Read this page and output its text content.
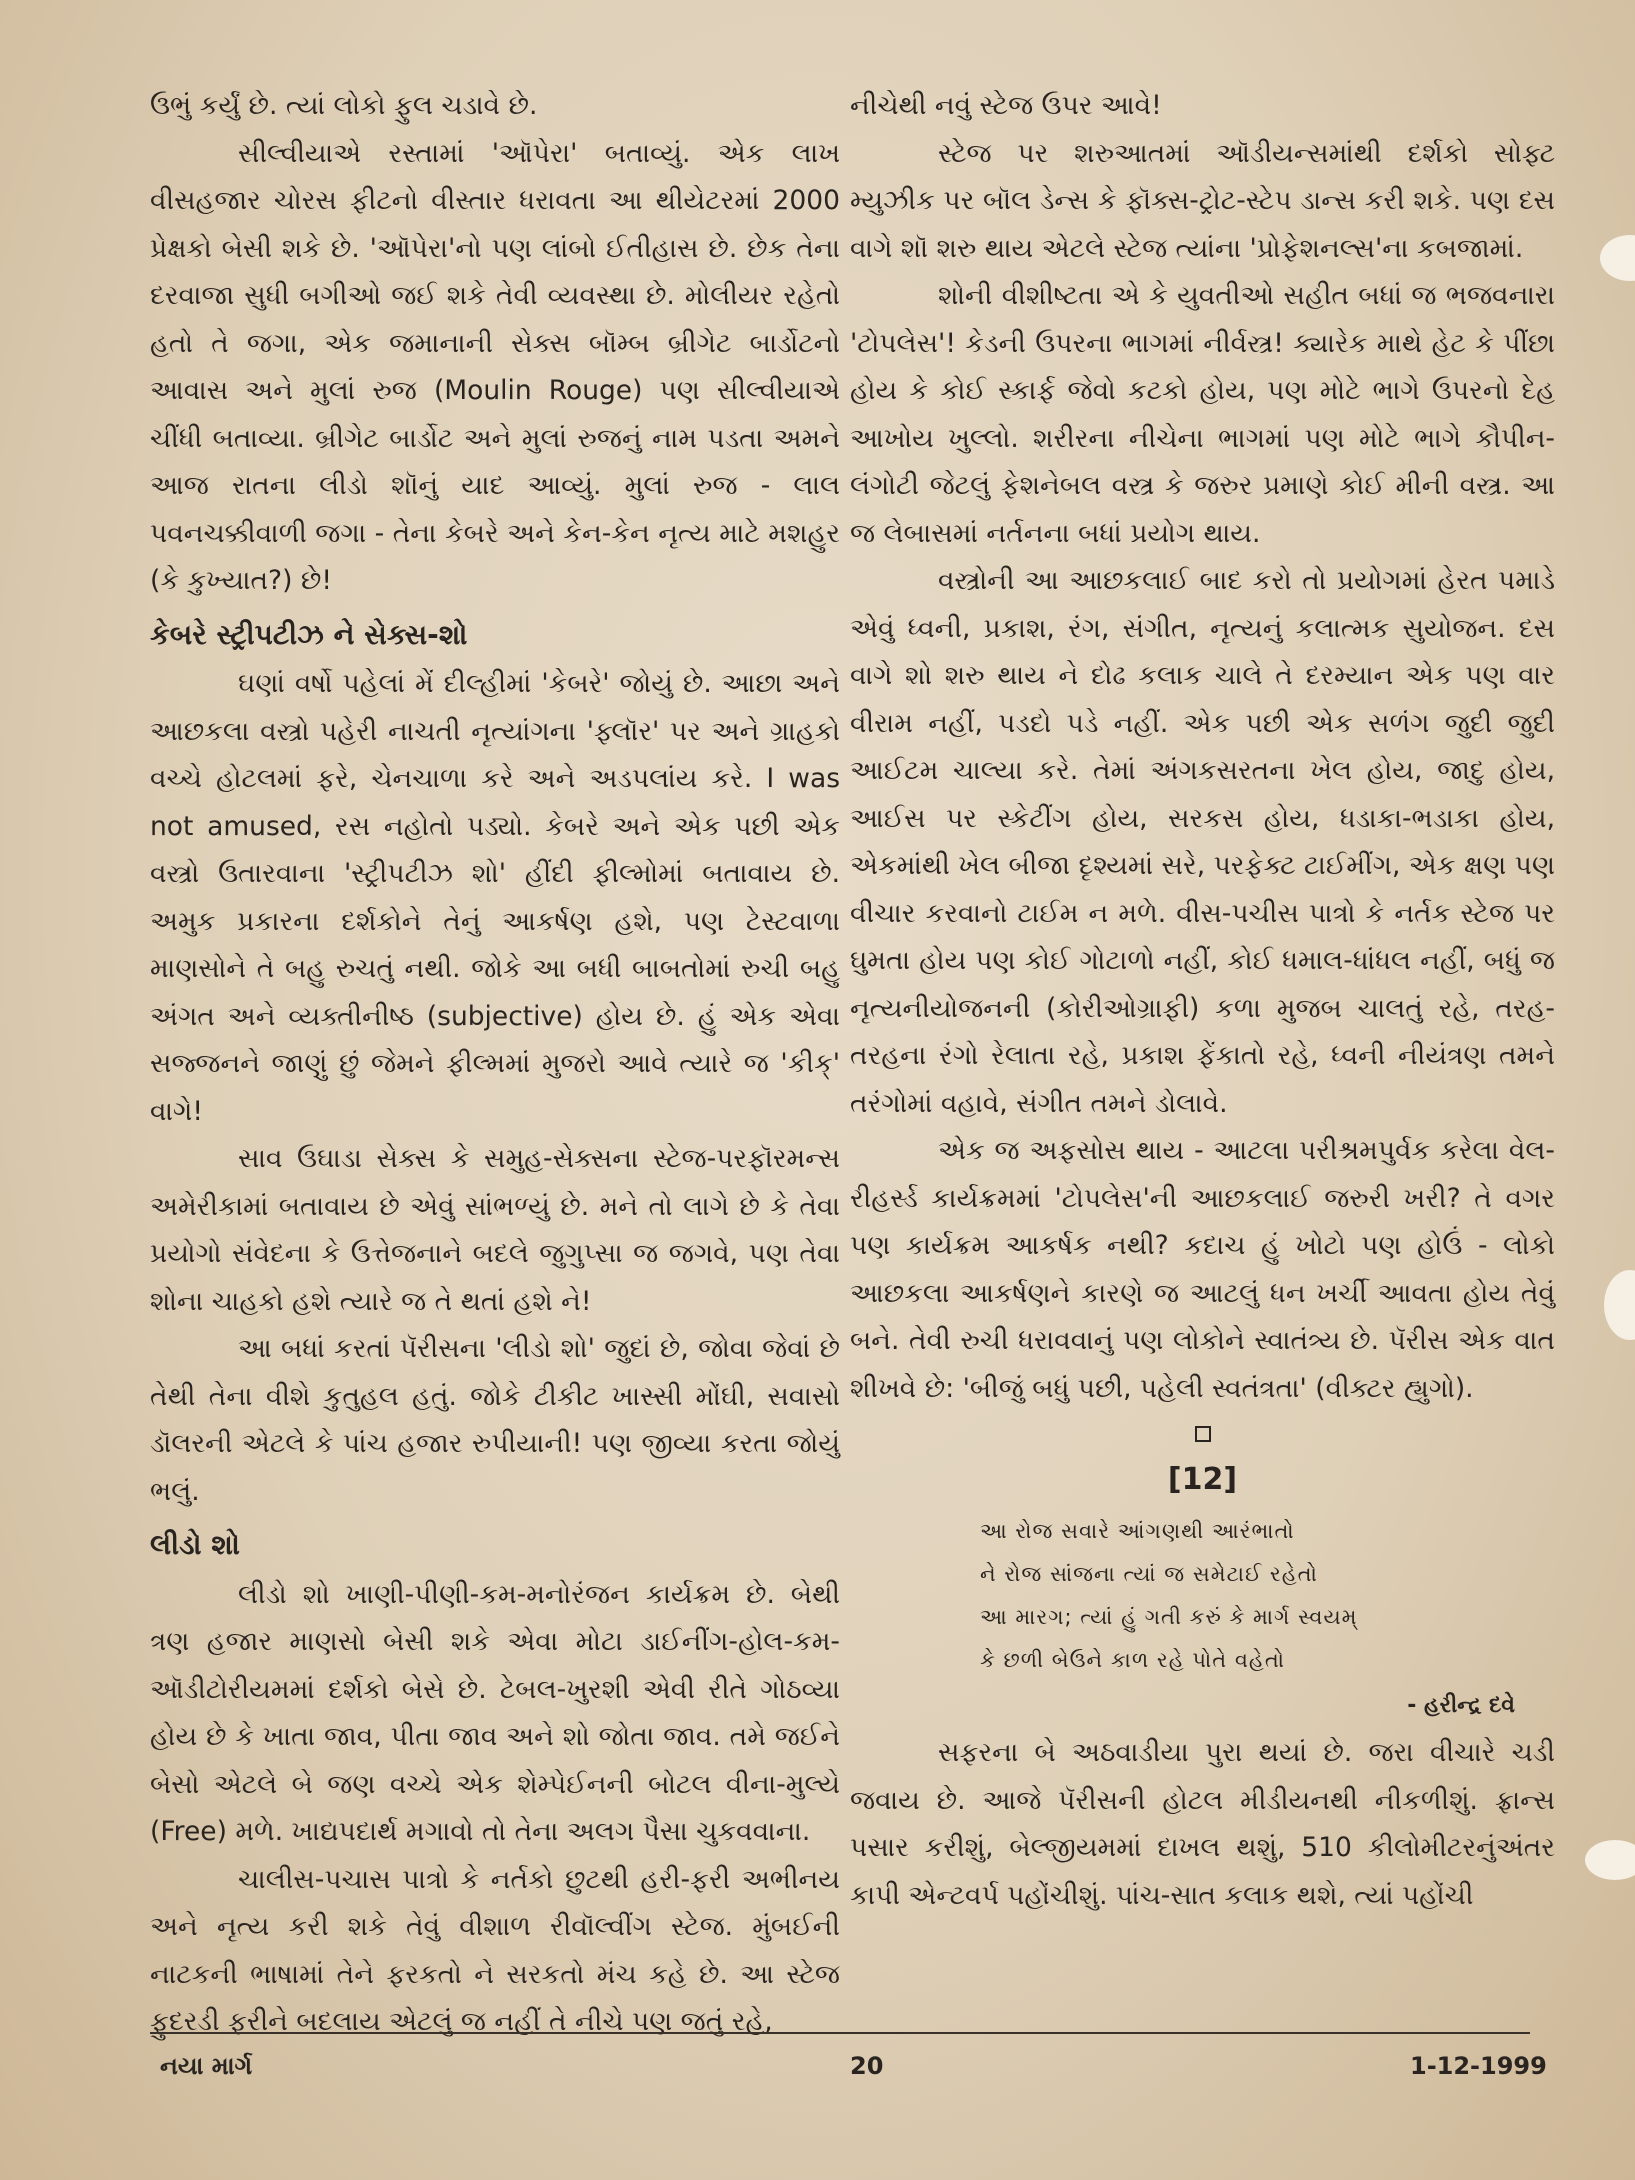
ઉભું કર્યું છે. ત્યાં લોકો ફુલ ચડાવે છે.

સીલ્વીયાએ રસ્તામાં 'ઑપેરા' બતાવ્યું. એક લાખ વીસહજાર ચોરસ ફીટનો વીસ્તાર ધરાવતા આ થીયેટરમાં 2000 પ્રેક્ષકો બેસી શકે છે. 'ઑપેરા'નો પણ લાંબો ઈતીહાસ છે. છેક તેના દરવાજા સુધી બગીઓ જઈ શકે તેવી વ્યવસ્થા છે. મોલીયર રહેતો હતો તે જગા, એક જમાનાની સેક્સ બૉમ્બ બ્રીગેટ બાર્ડોટનો આવાસ અને મુલાં રુજ (Moulin Rouge) પણ સીલ્વીયાએ ચીંધી બતાવ્યા. બ્રીગેટ બાર્ડોટ અને મુલાં રુજનું નામ પડતા અમને આજ રાતના લીડો શૉનું યાદ આવ્યું. મુલાં રુજ - લાલ પવનચક્કીવાળી જગા - તેના કેબરે અને કેન-કેન નૃત્ય માટે મશહુર (કે કુખ્યાત?) છે!

કેબરે સ્ટ્રીપટીઝ ને સેક્સ-શો

ઘણાં વર્ષો પહેલાં મેં દીલ્હીમાં 'કેબરે' જોયું છે. આછા અને આછકલા વસ્ત્રો પહેરી નાચતી નૃત્યાંગના 'ફ્લૉર' પર અને ગ્રાહકો વચ્ચે હોટલમાં ફરે, ચેનચાળા કરે અને અડપલાંય કરે. I was not amused, રસ નહોતો પડ્યો. કેબરે અને એક પછી એક વસ્ત્રો ઉતારવાના 'સ્ટ્રીપટીઝ શો' હીંદી ફીલ્મોમાં બતાવાય છે. અમુક પ્રકારના દર્શકોને તેનું આકર્ષણ હશે, પણ ટેસ્ટવાળા માણસોને તે બહુ રુચતું નથી. જોકે આ બધી બાબતોમાં રુચી બહુ અંગત અને વ્યક્તીનીષ્ઠ (subjective) હોય છે. હું એક એવા સજ્જનને જાણું છું જેમને ફીલ્મમાં મુજરો આવે ત્યારે જ 'કીક્' વાગે!

સાવ ઉઘાડા સેક્સ કે સમુહ-સેક્સના સ્ટેજ-પરફૉરમન્સ અમેરીકામાં બતાવાય છે એવું સાંભળ્યું છે. મને તો લાગે છે કે તેવા પ્રયોગો સંવેદના કે ઉત્તેજનાને બદલે જુગુપ્સા જ જગવે, પણ તેવા શોના ચાહકો હશે ત્યારે જ તે થતાં હશે ને!

આ બધાં કરતાં પૅરીસના 'લીડો શો' જુદાં છે, જોવા જેવાં છે તેથી તેના વીશે કુતુહલ હતું. જોકે ટીકીટ ખાસ્સી મોંઘી, સવાસો ડૉલરની એટલે કે પાંચ હજાર રુપીયાની! પણ જીવ્યા કરતા જોયું ભલું.

લીડો શો

લીડો શો ખાણી-પીણી-કમ-મનોરંજન કાર્યક્રમ છે. બેથી ત્રણ હજાર માણસો બેસી શકે એવા મોટા ડાઈનીંગ-હોલ-કમ-ઑડીટોરીયમમાં દર્શકો બેસે છે. ટેબલ-ખુરશી એવી રીતે ગોઠવ્યા હોય છે કે ખાતા જાવ, પીતા જાવ અને શો જોતા જાવ. તમે જઈને બેસો એટલે બે જણ વચ્ચે એક શેમ્પેઈનની બોટલ વીના-મુલ્યે (Free) મળે. ખાદ્યપદાર્થ મગાવો તો તેના અલગ પૈસા ચુકવવાના.

ચાલીસ-પચાસ પાત્રો કે નર્તકો છુટથી હરી-ફરી અભીનય અને નૃત્ય કરી શકે તેવું વીશાળ રીવૉલ્વીંગ સ્ટેજ. મુંબઈની નાટકની ભાષામાં તેને ફરકતો ને સરકતો મંચ કહે છે. આ સ્ટેજ ફુદરડી ફરીને બદલાય એટલું જ નહીં તે નીચે પણ જતું રહે,

નીચેથી નવું સ્ટેજ ઉપર આવે!

સ્ટેજ પર શરુઆતમાં ઑડીયન્સમાંથી દર્શકો સોફ્ટ મ્યુઝીક પર બૉલ ડેન્સ કે ફૉક્સ-ટ્રોટ-સ્ટેપ ડાન્સ કરી શકે. પણ દસ વાગે શૉ શરુ થાય એટલે સ્ટેજ ત્યાંના 'પ્રોફેશનલ્સ'ના કબજામાં.

શોની વીશીષ્ટતા એ કે યુવતીઓ સહીત બધાં જ ભજવનારા 'ટોપલેસ'! કેડની ઉપરના ભાગમાં નીર્વસ્ત્ર! ક્યારેક માથે હેટ કે પીંછા હોય કે કોઈ સ્કાર્ફ જેવો કટકો હોય, પણ મોટે ભાગે ઉપરનો દેહ આખોય ખુલ્લો. શરીરના નીચેના ભાગમાં પણ મોટે ભાગે કૌપીન-લંગોટી જેટલું ફેશનેબલ વસ્ત્ર કે જરુર પ્રમાણે કોઈ મીની વસ્ત્ર. આ જ લેબાસમાં નર્તનના બધાં પ્રયોગ થાય.

વસ્ત્રોની આ આછકલાઈ બાદ કરો તો પ્રયોગમાં હેરત પમાડે એવું ધ્વની, પ્રકાશ, રંગ, સંગીત, નૃત્યનું કલાત્મક સુયોજન. દસ વાગે શો શરુ થાય ને દોઢ કલાક ચાલે તે દરમ્યાન એક પણ વાર વીરામ નહીં, પડદો પડે નહીં. એક પછી એક સળંગ જુદી જુદી આઈટમ ચાલ્યા કરે. તેમાં અંગકસરતના ખેલ હોય, જાદુ હોય, આઈસ પર સ્કેટીંગ હોય, સરકસ હોય, ધડાકા-ભડાકા હોય, એકમાંથી ખેલ બીજા દૃશ્યમાં સરે, પરફેક્ટ ટાઈમીંગ, એક ક્ષણ પણ વીચાર કરવાનો ટાઈમ ન મળે. વીસ-પચીસ પાત્રો કે નર્તક સ્ટેજ પર ઘુમતા હોય પણ કોઈ ગોટાળો નહીં, કોઈ ધમાલ-ધાંધલ નહીં, બધું જ નૃત્યનીયોજનની (કોરીઓગ્રાફી) કળા મુજબ ચાલતું રહે, તરહ-તરહના રંગો રેલાતા રહે, પ્રકાશ ફેંકાતો રહે, ધ્વની નીયંત્રણ તમને તરંગોમાં વહાવે, સંગીત તમને ડોલાવે.

એક જ અફસોસ થાય - આટલા પરીશ્રમપુર્વક કરેલા વેલ-રીહર્સ્ડ કાર્યક્રમમાં 'ટોપલેસ'ની આછકલાઈ જરુરી ખરી? તે વગર પણ કાર્યક્રમ આકર્ષક નથી? કદાચ હું ખોટો પણ હોઉં - લોકો આછકલા આકર્ષણને કારણે જ આટલું ધન ખર્ચી આવતા હોય તેવું બને. તેવી રુચી ધરાવવાનું પણ લોકોને સ્વાતંત્ર્ય છે. પૅરીસ એક વાત શીખવે છે: 'બીજું બધું પછી, પહેલી સ્વતંત્રતા' (વીક્ટર હ્યુગો).

[12]
આ રોજ સવારે આંગણથી આરંભાતો
ને રોજ સાંજના ત્યાં જ સમેટાઈ રહેતો
આ મારગ; ત્યાં હું ગતી કરું કે માર્ગ સ્વયમ્
કે છળી બેઉને કાળ રહે પોતે વહેતો
- હરીન્દ્ર દવે

સફરના બે અઠવાડીયા પુરા થયાં છે. જરા વીચારે ચડી જવાય છે. આજે પૅરીસની હોટલ મીડીયનથી નીકળીશું. ફ્રાન્સ પસાર કરીશું, બેલ્જીયમમાં દાખલ થશું, 510 કીલોમીટરનુંઅંતર કાપી એન્ટવર્પ પહોંચીશું. પાંચ-સાત કલાક થશે, ત્યાં પહોંચી

નયા માર્ગ	20	1-12-1999
